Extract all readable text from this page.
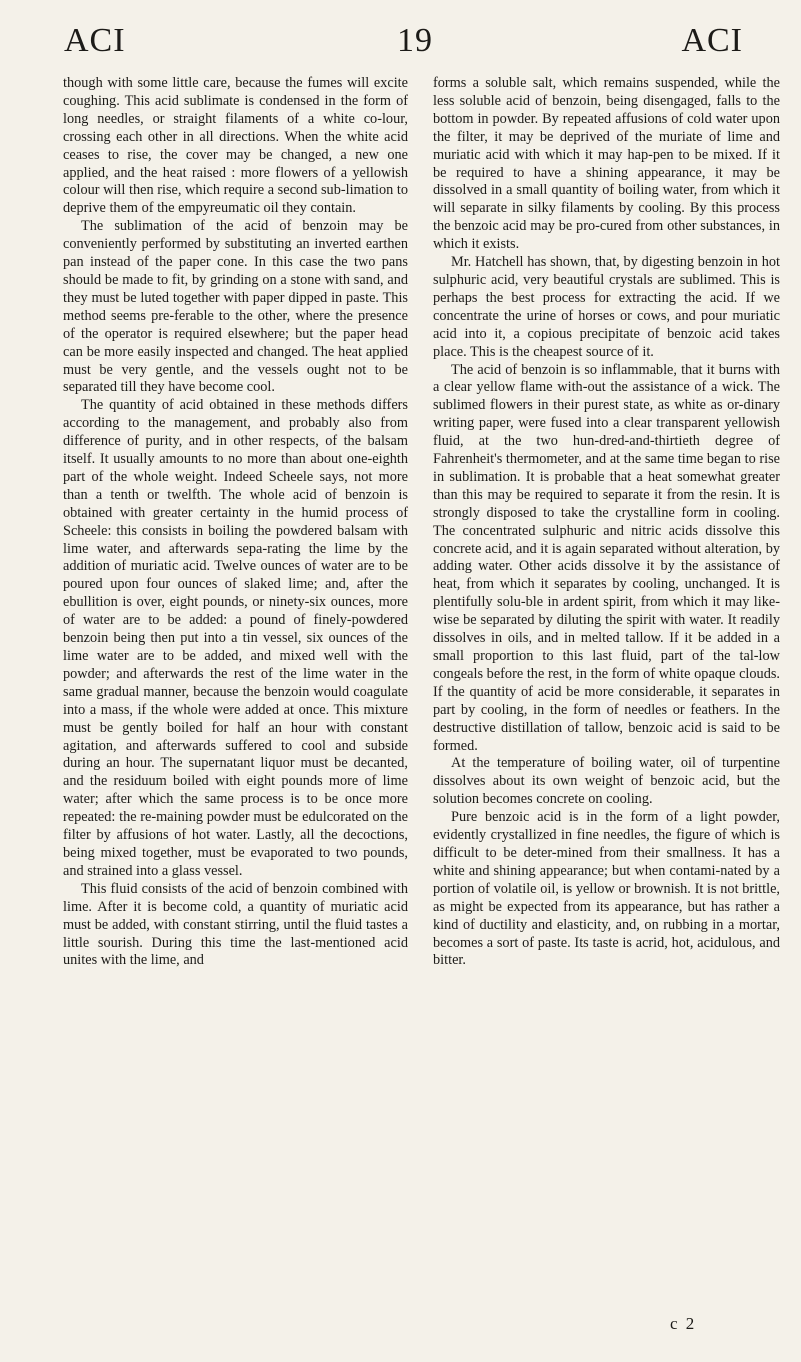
ACI	19	ACI

though with some little care, because the fumes will excite coughing. This acid sublimate is condensed in the form of long needles, or straight filaments of a white co-lour, crossing each other in all directions. When the white acid ceases to rise, the cover may be changed, a new one applied, and the heat raised : more flowers of a yellowish colour will then rise, which require a second sub-limation to deprive them of the empyreumatic oil they contain.

The sublimation of the acid of benzoin may be conveniently performed by substituting an inverted earthen pan instead of the paper cone. In this case the two pans should be made to fit, by grinding on a stone with sand, and they must be luted together with paper dipped in paste. This method seems pre-ferable to the other, where the presence of the operator is required elsewhere; but the paper head can be more easily inspected and changed. The heat applied must be very gentle, and the vessels ought not to be separated till they have become cool.

The quantity of acid obtained in these methods differs according to the management, and probably also from difference of purity, and in other respects, of the balsam itself. It usually amounts to no more than about one-eighth part of the whole weight. Indeed Scheele says, not more than a tenth or twelfth. The whole acid of benzoin is obtained with greater certainty in the humid process of Scheele: this consists in boiling the powdered balsam with lime water, and afterwards sepa-rating the lime by the addition of muriatic acid. Twelve ounces of water are to be poured upon four ounces of slaked lime; and, after the ebullition is over, eight pounds, or ninety-six ounces, more of water are to be added: a pound of finely-powdered benzoin being then put into a tin vessel, six ounces of the lime water are to be added, and mixed well with the powder; and afterwards the rest of the lime water in the same gradual manner, because the benzoin would coagulate into a mass, if the whole were added at once. This mixture must be gently boiled for half an hour with constant agitation, and afterwards suffered to cool and subside during an hour. The supernatant liquor must be decanted, and the residuum boiled with eight pounds more of lime water; after which the same process is to be once more repeated: the re-maining powder must be edulcorated on the filter by affusions of hot water. Lastly, all the decoctions, being mixed together, must be evaporated to two pounds, and strained into a glass vessel.

This fluid consists of the acid of benzoin combined with lime. After it is become cold, a quantity of muriatic acid must be added, with constant stirring, until the fluid tastes a little sourish. During this time the last-mentioned acid unites with the lime, and

forms a soluble salt, which remains suspended, while the less soluble acid of benzoin, being disengaged, falls to the bottom in powder. By repeated affusions of cold water upon the filter, it may be deprived of the muriate of lime and muriatic acid with which it may hap-pen to be mixed. If it be required to have a shining appearance, it may be dissolved in a small quantity of boiling water, from which it will separate in silky filaments by cooling. By this process the benzoic acid may be pro-cured from other substances, in which it exists.

Mr. Hatchell has shown, that, by digesting benzoin in hot sulphuric acid, very beautiful crystals are sublimed. This is perhaps the best process for extracting the acid. If we concentrate the urine of horses or cows, and pour muriatic acid into it, a copious precipitate of benzoic acid takes place. This is the cheapest source of it.

The acid of benzoin is so inflammable, that it burns with a clear yellow flame with-out the assistance of a wick. The sublimed flowers in their purest state, as white as or-dinary writing paper, were fused into a clear transparent yellowish fluid, at the two hun-dred-and-thirtieth degree of Fahrenheit's thermometer, and at the same time began to rise in sublimation. It is probable that a heat somewhat greater than this may be required to separate it from the resin. It is strongly disposed to take the crystalline form in cooling. The concentrated sulphuric and nitric acids dissolve this concrete acid, and it is again separated without alteration, by adding water. Other acids dissolve it by the assistance of heat, from which it separates by cooling, unchanged. It is plentifully solu-ble in ardent spirit, from which it may like-wise be separated by diluting the spirit with water. It readily dissolves in oils, and in melted tallow. If it be added in a small proportion to this last fluid, part of the tal-low congeals before the rest, in the form of white opaque clouds. If the quantity of acid be more considerable, it separates in part by cooling, in the form of needles or feathers. In the destructive distillation of tallow, benzoic acid is said to be formed.

At the temperature of boiling water, oil of turpentine dissolves about its own weight of benzoic acid, but the solution becomes concrete on cooling.

Pure benzoic acid is in the form of a light powder, evidently crystallized in fine needles, the figure of which is difficult to be deter-mined from their smallness. It has a white and shining appearance; but when contami-nated by a portion of volatile oil, is yellow or brownish. It is not brittle, as might be expected from its appearance, but has rather a kind of ductility and elasticity, and, on rubbing in a mortar, becomes a sort of paste. Its taste is acrid, hot, acidulous, and bitter.

c 2
